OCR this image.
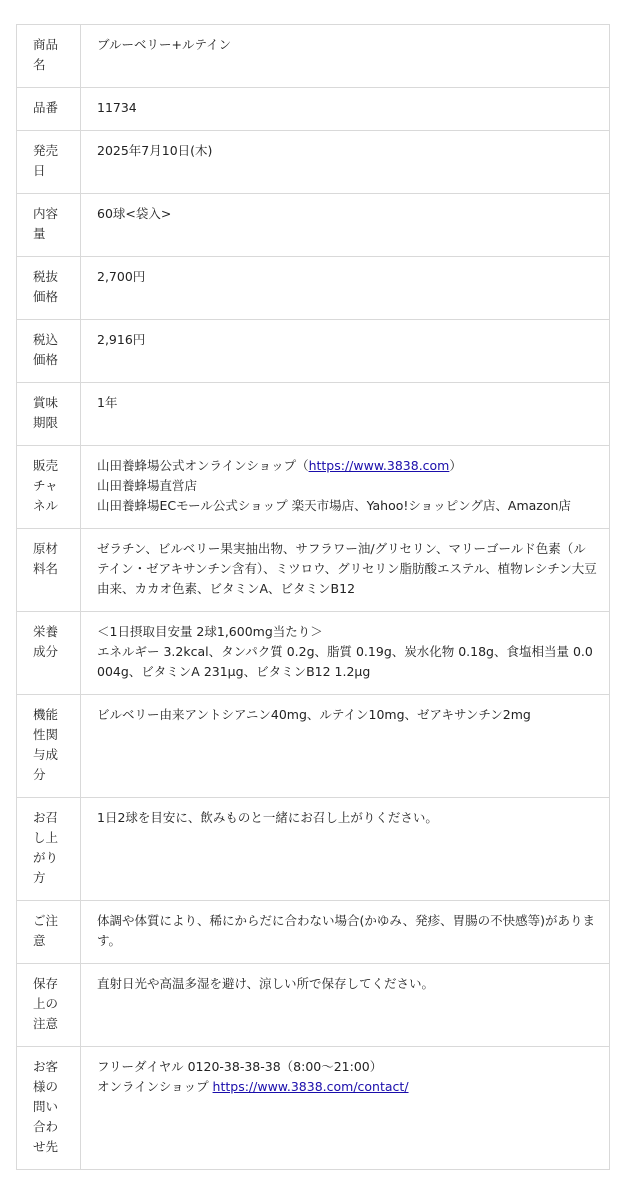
商品名	ブルーベリー+ルテイン

品番	11734

発売日	2025年7月10日(木)

内容量	60球<袋入>

税抜価格	2,700円

税込価格	2,916円

賞味期限	1年

販売チャネル	山田養蜂場公式オンラインショップ（https://www.3838.com）
山田養蜂場直営店
山田養蜂場ECモール公式ショップ 楽天市場店、Yahoo!ショッピング店、Amazon店

原材料名	ゼラチン、ビルベリー果実抽出物、サフラワー油/グリセリン、マリーゴールド色素（ルテイン・ゼアキサンチン含有）、ミツロウ、グリセリン脂肪酸エステル、植物レシチン大豆由来、カカオ色素、ビタミンA、ビタミンB12

栄養成分	＜1日摂取目安量 2球1,600mg当たり＞
エネルギー 3.2kcal、タンパク質 0.2g、脂質 0.19g、炭水化物 0.18g、食塩相当量 0.0004g、ビタミンA 231μg、ビタミンB12 1.2μg

機能性関与成分	ビルベリー由来アントシアニン40mg、ルテイン10mg、ゼアキサンチン2mg

お召し上がり方	1日2球を目安に、飲みものと一緒にお召し上がりください。

ご注意	体調や体質により、稀にからだに合わない場合(かゆみ、発疹、胃腸の不快感等)があります。

保存上の注意	直射日光や高温多湿を避け、涼しい所で保存してください。

お客様の問い合わせ先	フリーダイヤル 0120-38-38-38（8:00～21:00）
オンラインショップ https://www.3838.com/contact/
